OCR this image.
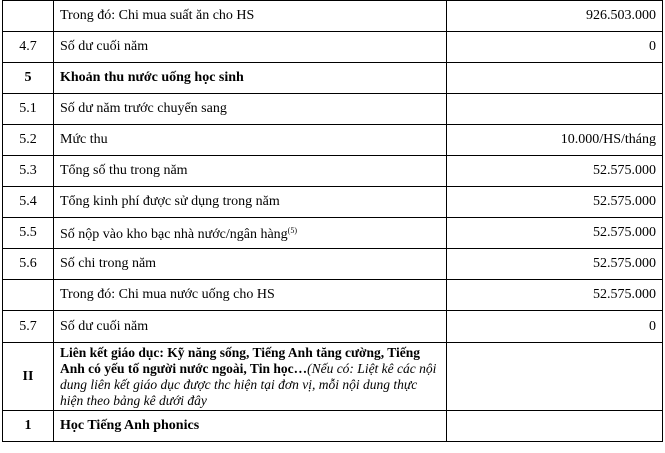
	Trong đó: Chi mua suất ăn cho HS	926.503.000
4.7	Số dư cuối năm	0
5	Khoản thu nước uống học sinh	
5.1	Số dư năm trước chuyển sang	
5.2	Mức thu	10.000/HS/tháng
5.3	Tổng số thu trong năm	52.575.000
5.4	Tổng kinh phí được sử dụng trong năm	52.575.000
5.5	Số nộp vào kho bạc nhà nước/ngân hàng$^{(5)}$	52.575.000
5.6	Số chi trong năm	52.575.000
	Trong đó: Chi mua nước uống cho HS	52.575.000
5.7	Số dư cuối năm	0
II	Liên kết giáo dục: Kỹ năng sống, Tiếng Anh tăng cường, Tiếng Anh có yếu tố người nước ngoài, Tin học…(Nếu có: Liệt kê các nội dung liên kết giáo dục được thc hiện tại đơn vị, mỗi nội dung thực hiện theo bảng kê dưới đây	
1	Học Tiếng Anh phonics	
